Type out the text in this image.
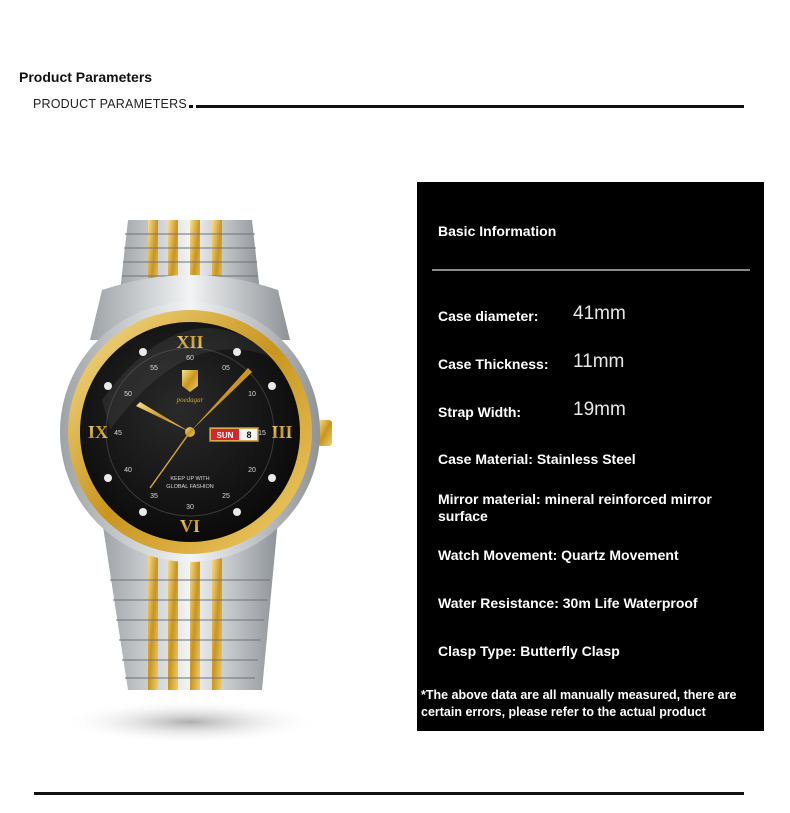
Product Parameters
PRODUCT PARAMETERS
60
05
10
15
20
25
30
35
40
45
50
55
XII
VI
IX	III
poedagar
SUN 8
KEEP UP WITH
GLOBAL FASHION
Basic Information
Case diameter: 41mm
Case Thickness: 11mm
Strap Width:	19mm
Case Material: Stainless Steel
Mirror material: mineral reinforced mirror surface
Watch Movement: Quartz Movement
Water Resistance: 30m Life Waterproof
Clasp Type: Butterfly Clasp
*The above data are all manually measured, there are certain errors, please refer to the actual product
